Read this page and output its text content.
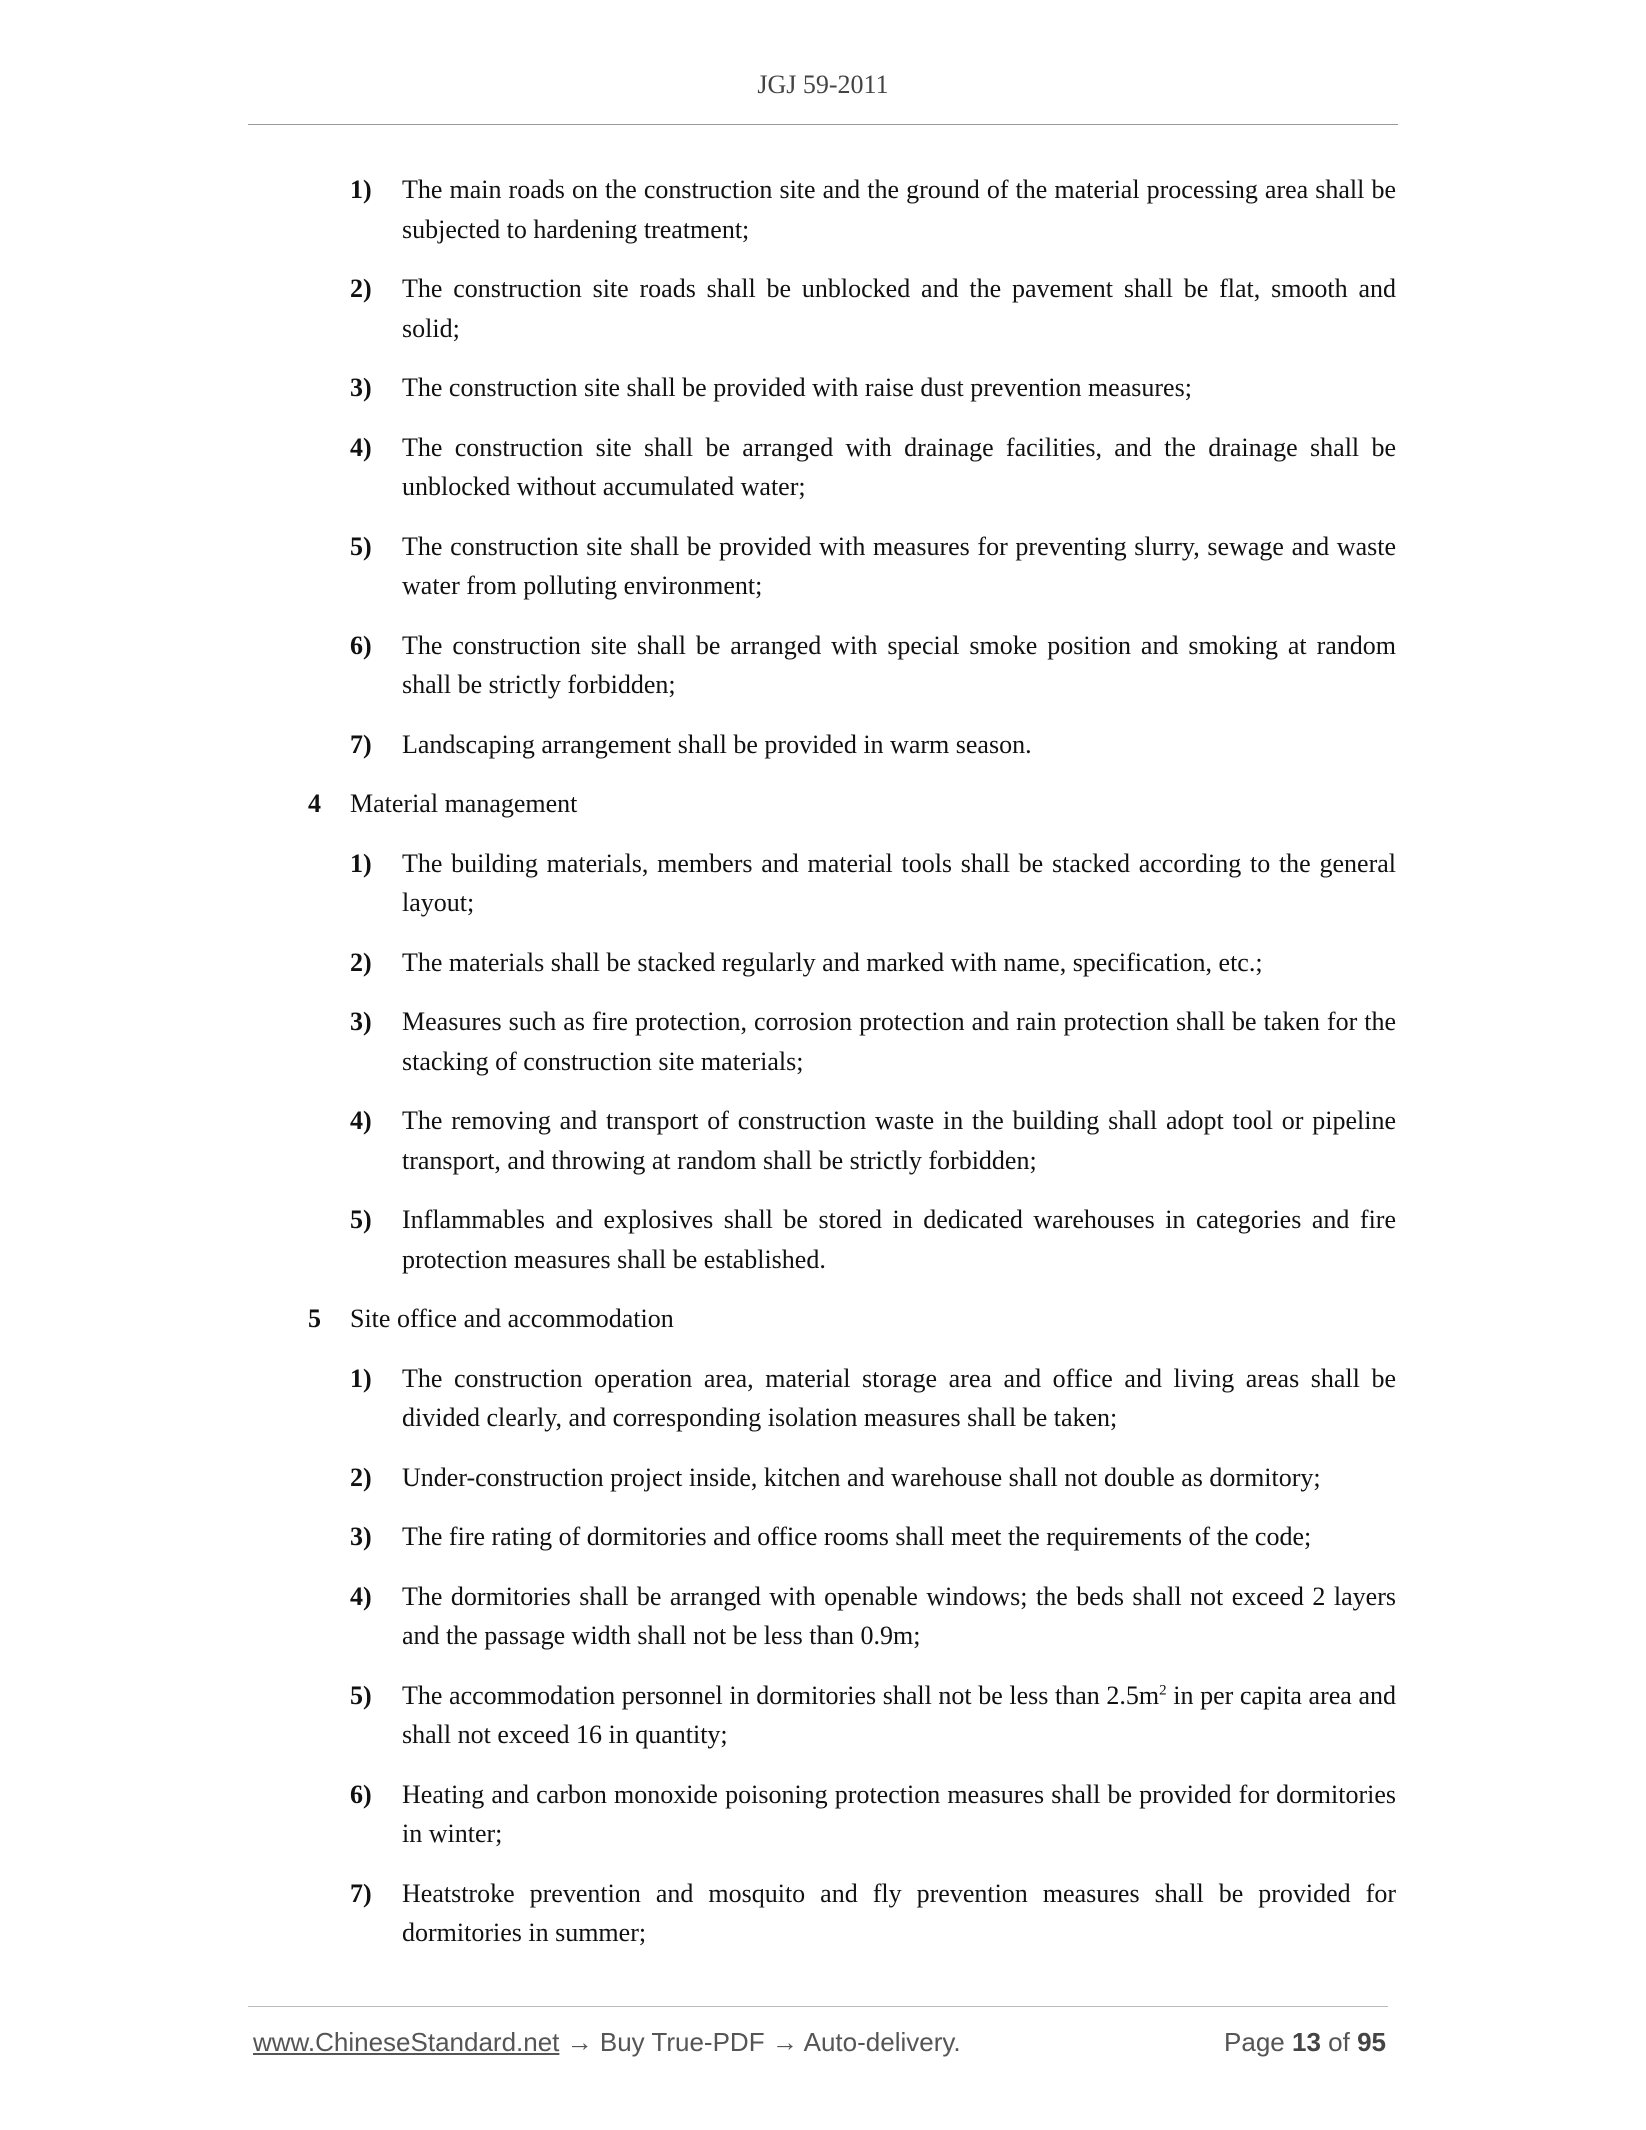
JGJ 59-2011
1)	The main roads on the construction site and the ground of the material processing area shall be subjected to hardening treatment;
2)	The construction site roads shall be unblocked and the pavement shall be flat, smooth and solid;
3)	The construction site shall be provided with raise dust prevention measures;
4)	The construction site shall be arranged with drainage facilities, and the drainage shall be unblocked without accumulated water;
5)	The construction site shall be provided with measures for preventing slurry, sewage and waste water from polluting environment;
6)	The construction site shall be arranged with special smoke position and smoking at random shall be strictly forbidden;
7)	Landscaping arrangement shall be provided in warm season.
4	Material management
1)	The building materials, members and material tools shall be stacked according to the general layout;
2)	The materials shall be stacked regularly and marked with name, specification, etc.;
3)	Measures such as fire protection, corrosion protection and rain protection shall be taken for the stacking of construction site materials;
4)	The removing and transport of construction waste in the building shall adopt tool or pipeline transport, and throwing at random shall be strictly forbidden;
5)	Inflammables and explosives shall be stored in dedicated warehouses in categories and fire protection measures shall be established.
5	Site office and accommodation
1)	The construction operation area, material storage area and office and living areas shall be divided clearly, and corresponding isolation measures shall be taken;
2)	Under-construction project inside, kitchen and warehouse shall not double as dormitory;
3)	The fire rating of dormitories and office rooms shall meet the requirements of the code;
4)	The dormitories shall be arranged with openable windows; the beds shall not exceed 2 layers and the passage width shall not be less than 0.9m;
5)	The accommodation personnel in dormitories shall not be less than $2.5m^2$ in per capita area and shall not exceed 16 in quantity;
6)	Heating and carbon monoxide poisoning protection measures shall be provided for dormitories in winter;
7)	Heatstroke prevention and mosquito and fly prevention measures shall be provided for dormitories in summer;
www.ChineseStandard.net → Buy True-PDF → Auto-delivery.	Page 13 of 95
